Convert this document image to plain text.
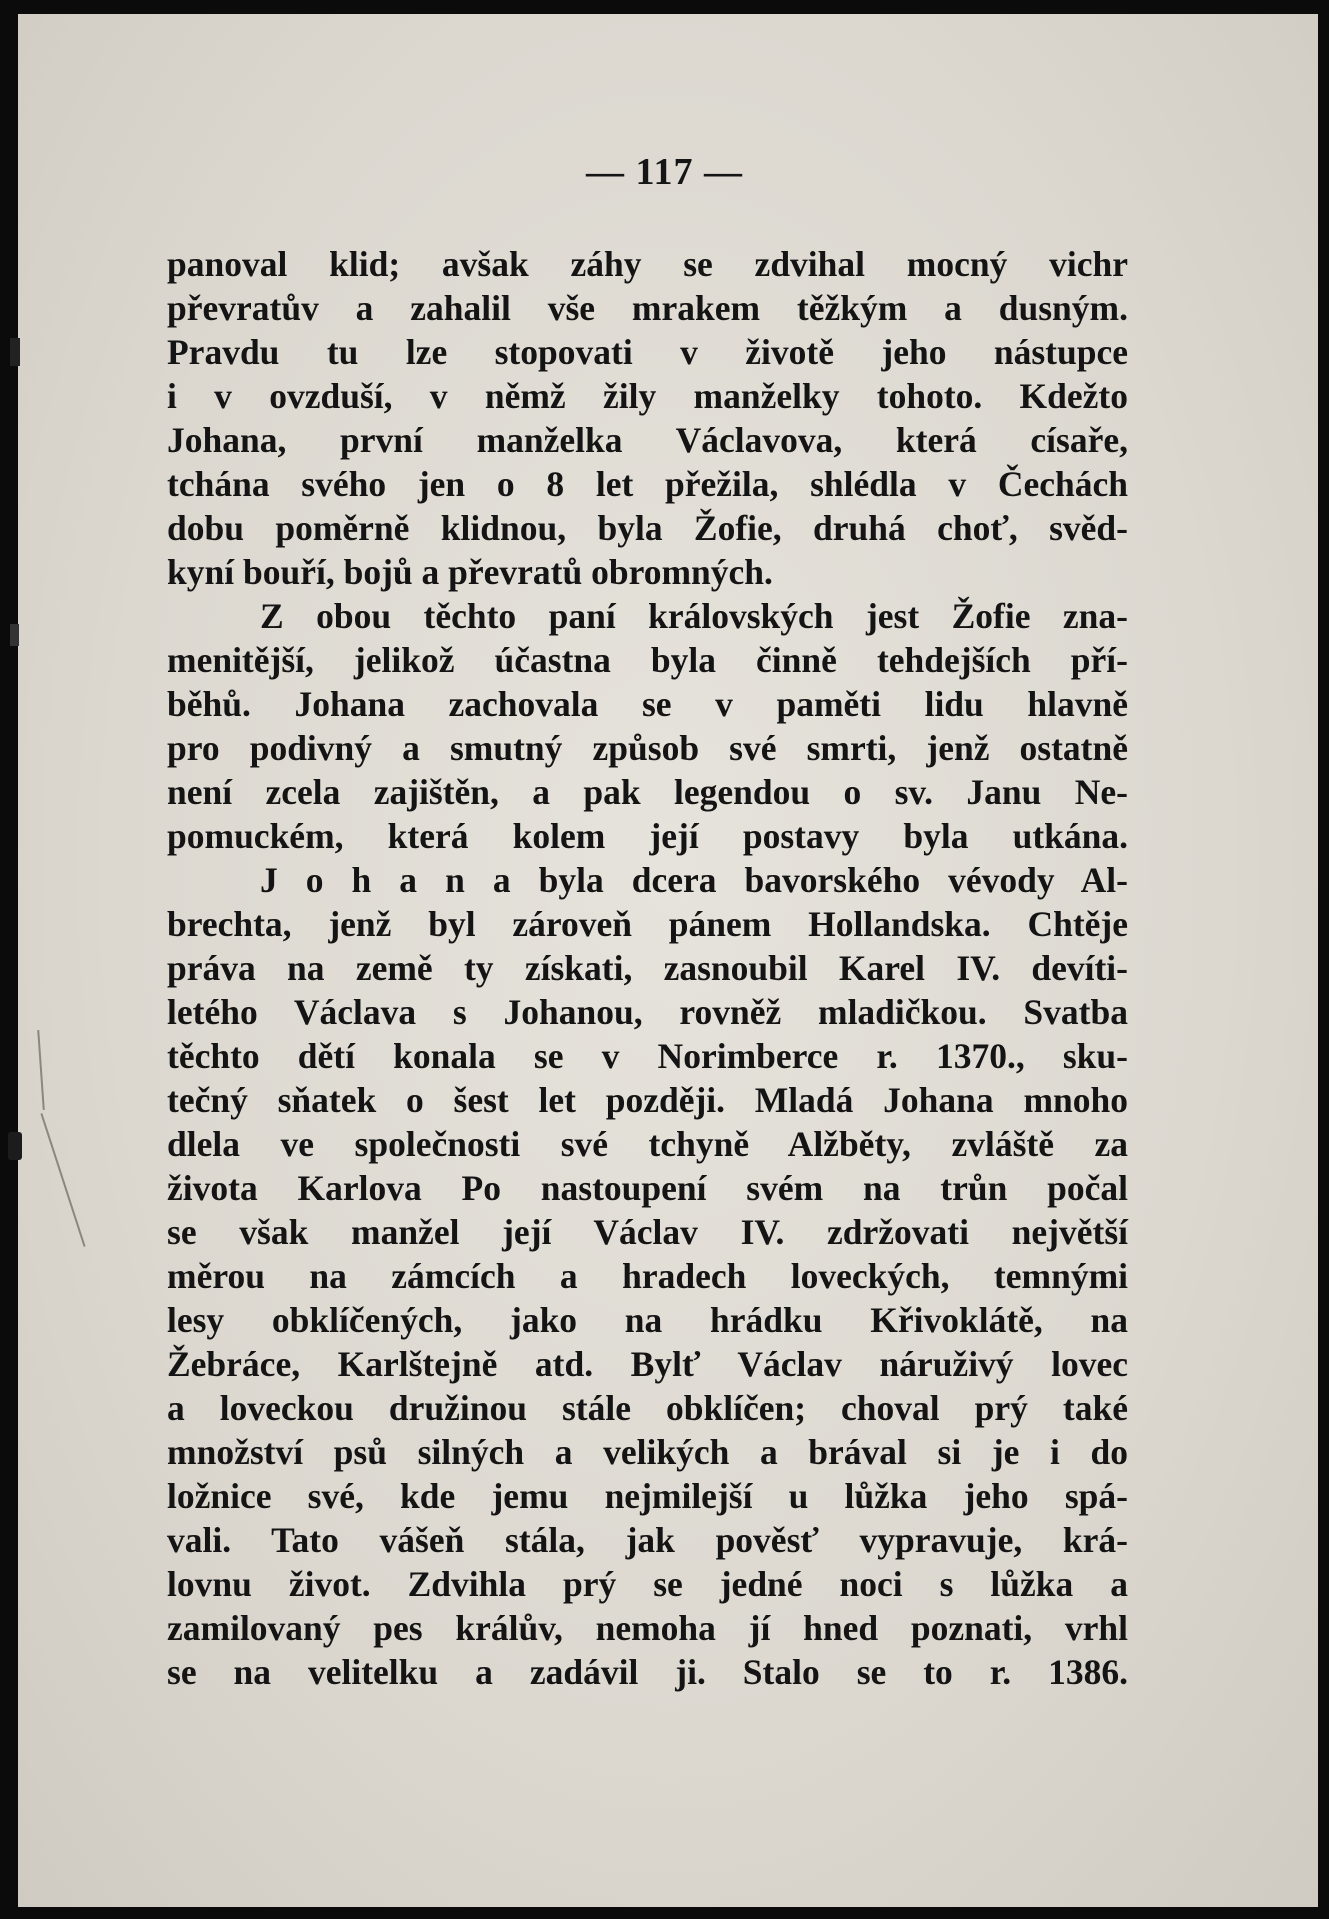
— 117 —
panoval klid; avšak záhy se zdvihal mocný vichr
převratův a zahalil vše mrakem těžkým a dusným.
Pravdu tu lze stopovati v životě jeho nástupce
i v ovzduší, v němž žily manželky tohoto. Kdežto
Johana, první manželka Václavova, která císaře,
tchána svého jen o 8 let přežila, shlédla v Čechách
dobu poměrně klidnou, byla Žofie, druhá choť, svěd-
kyní bouří, bojů a převratů obromných.
Z obou těchto paní královských jest Žofie zna-
menitější, jelikož účastna byla činně tehdejších pří-
běhů. Johana zachovala se v paměti lidu hlavně
pro podivný a smutný způsob své smrti, jenž ostatně
není zcela zajištěn, a pak legendou o sv. Janu Ne-
pomuckém, která kolem její postavy byla utkána.
J o h a n a byla dcera bavorského vévody Al-
brechta, jenž byl zároveň pánem Hollandska. Chtěje
práva na země ty získati, zasnoubil Karel IV. devíti-
letého Václava s Johanou, rovněž mladičkou. Svatba
těchto dětí konala se v Norimberce r. 1370., sku-
tečný sňatek o šest let později. Mladá Johana mnoho
dlela ve společnosti své tchyně Alžběty, zvláště za
života Karlova Po nastoupení svém na trůn počal
se však manžel její Václav IV. zdržovati největší
měrou na zámcích a hradech loveckých, temnými
lesy obklíčených, jako na hrádku Křivoklátě, na
Žebráce, Karlštejně atd. Bylť Václav náruživý lovec
a loveckou družinou stále obklíčen; choval prý také
množství psů silných a velikých a brával si je i do
ložnice své, kde jemu nejmilejší u lůžka jeho spá-
vali. Tato vášeň stála, jak pověsť vypravuje, krá-
lovnu život. Zdvihla prý se jedné noci s lůžka a
zamilovaný pes králův, nemoha jí hned poznati, vrhl
se na velitelku a zadávil ji. Stalo se to r. 1386.
